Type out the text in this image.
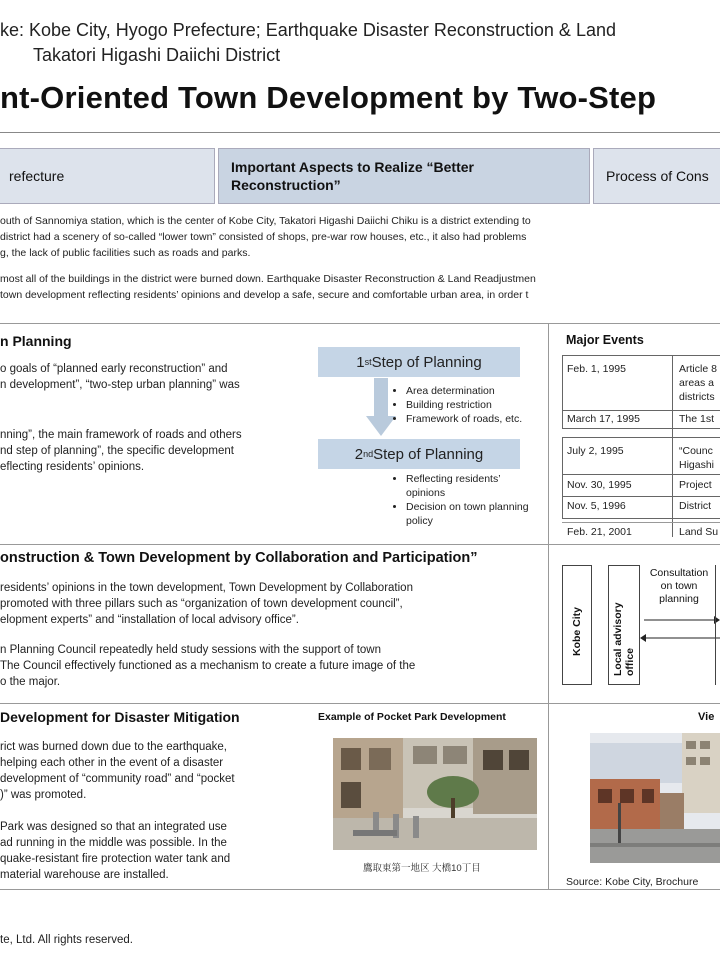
ke: Kobe City, Hyogo Prefecture; Earthquake Disaster Reconstruction & Land
Takatori Higashi Daiichi District
nt-Oriented Town Development by Two-Step
refecture
Important Aspects to Realize “Better
Reconstruction”
Process of Cons
outh of Sannomiya station, which is the center of Kobe City, Takatori Higashi Daiichi Chiku is a district extending to
district had a scenery of so-called “lower town” consisted of shops, pre-war row houses, etc., it also had problems
g, the lack of public facilities such as roads and parks.
most all of the buildings in the district were burned down. Earthquake Disaster Reconstruction & Land Readjustmen
town development reflecting residents’ opinions and develop a safe, secure and comfortable urban area, in order t
n Planning
o goals of “planned early reconstruction” and
n development”, “two-step urban planning” was
nning”, the main framework of roads and others
nd step of planning”, the specific development
eflecting residents’ opinions.
1 st Step of Planning
• Area determination
• Building restriction
• Framework of roads, etc.
2 nd Step of Planning
• Reflecting residents’ opinions
• Decision on town planning policy
Major Events
Feb. 1, 1995	Article 8
areas a
districts
March 17, 1995	The 1st
July 2, 1995	“Counc
Higashi
Nov. 30, 1995	Project
Nov. 5, 1996	District
Feb. 21, 2001	Land Su
onstruction & Town Development by Collaboration and Participation”
residents’ opinions in the town development, Town Development by Collaboration
promoted with three pillars such as “organization of town development council”,
elopment experts” and “installation of local advisory office”.
n Planning Council repeatedly held study sessions with the support of town
The Council effectively functioned as a mechanism to create a future image of the
o the major.
Kobe City	Local advisory office
Consultation
on town
planning
Development for Disaster Mitigation
rict was burned down due to the earthquake,
helping each other in the event of a disaster
development of “community road” and “pocket
)” was promoted.
Park was designed so that an integrated use
ad running in the middle was possible. In the
quake-resistant fire protection water tank and
material warehouse are installed.
Example of Pocket Park Development
鷹取東第一地区 大橋10丁目
Vie
Source: Kobe City, Brochure
te, Ltd. All rights reserved.
